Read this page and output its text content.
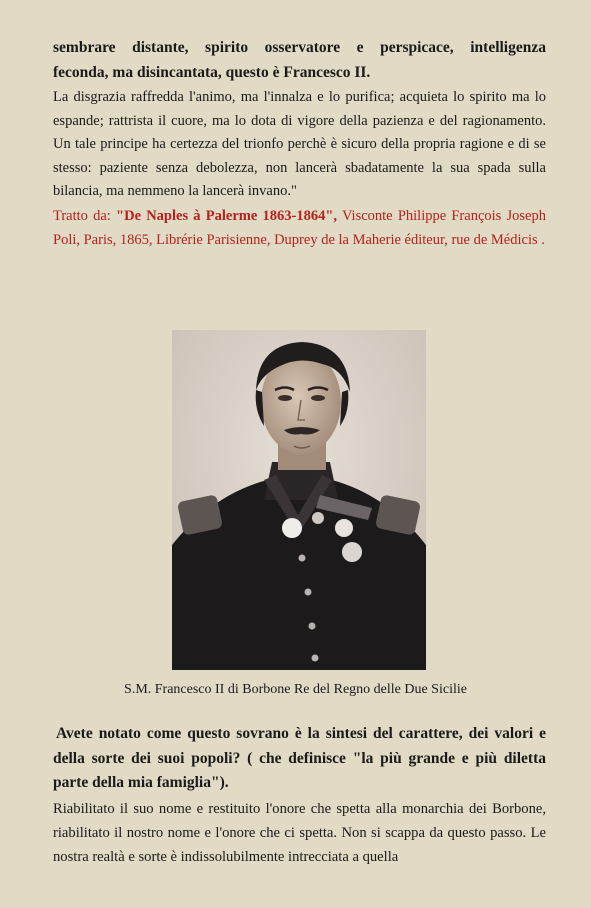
sembrare distante, spirito osservatore e perspicace, intelligenza

feconda, ma disincantata, questo è Francesco II.

La disgrazia raffredda l'animo, ma l'innalza e lo purifica; acquieta lo spirito ma lo espande; rattrista il cuore, ma lo dota di vigore della pazienza e del ragionamento. Un tale principe ha certezza del trionfo perchè è sicuro della propria ragione e di se stesso: paziente senza debolezza, non lancerà sbadatamente la sua spada sulla bilancia, ma nemmeno la lancerà invano."

Tratto da: "De Naples à Palerme 1863-1864", Visconte Philippe François Joseph Poli, Paris, 1865, Librérie Parisienne, Duprey de la Maherie éditeur, rue de Médicis .

S.M. Francesco II di Borbone Re del Regno delle Due Sicilie

Avete notato come questo sovrano è la sintesi del carattere, dei valori e della sorte dei suoi popoli? ( che definisce "la più grande e più diletta parte della mia famiglia").

Riabilitato il suo nome e restituito l'onore che spetta alla monarchia dei Borbone, riabilitato il nostro nome e l'onore che ci spetta. Non si scappa da questo passo. Le nostra realtà e sorte è indissolubilmente intrecciata a quella
